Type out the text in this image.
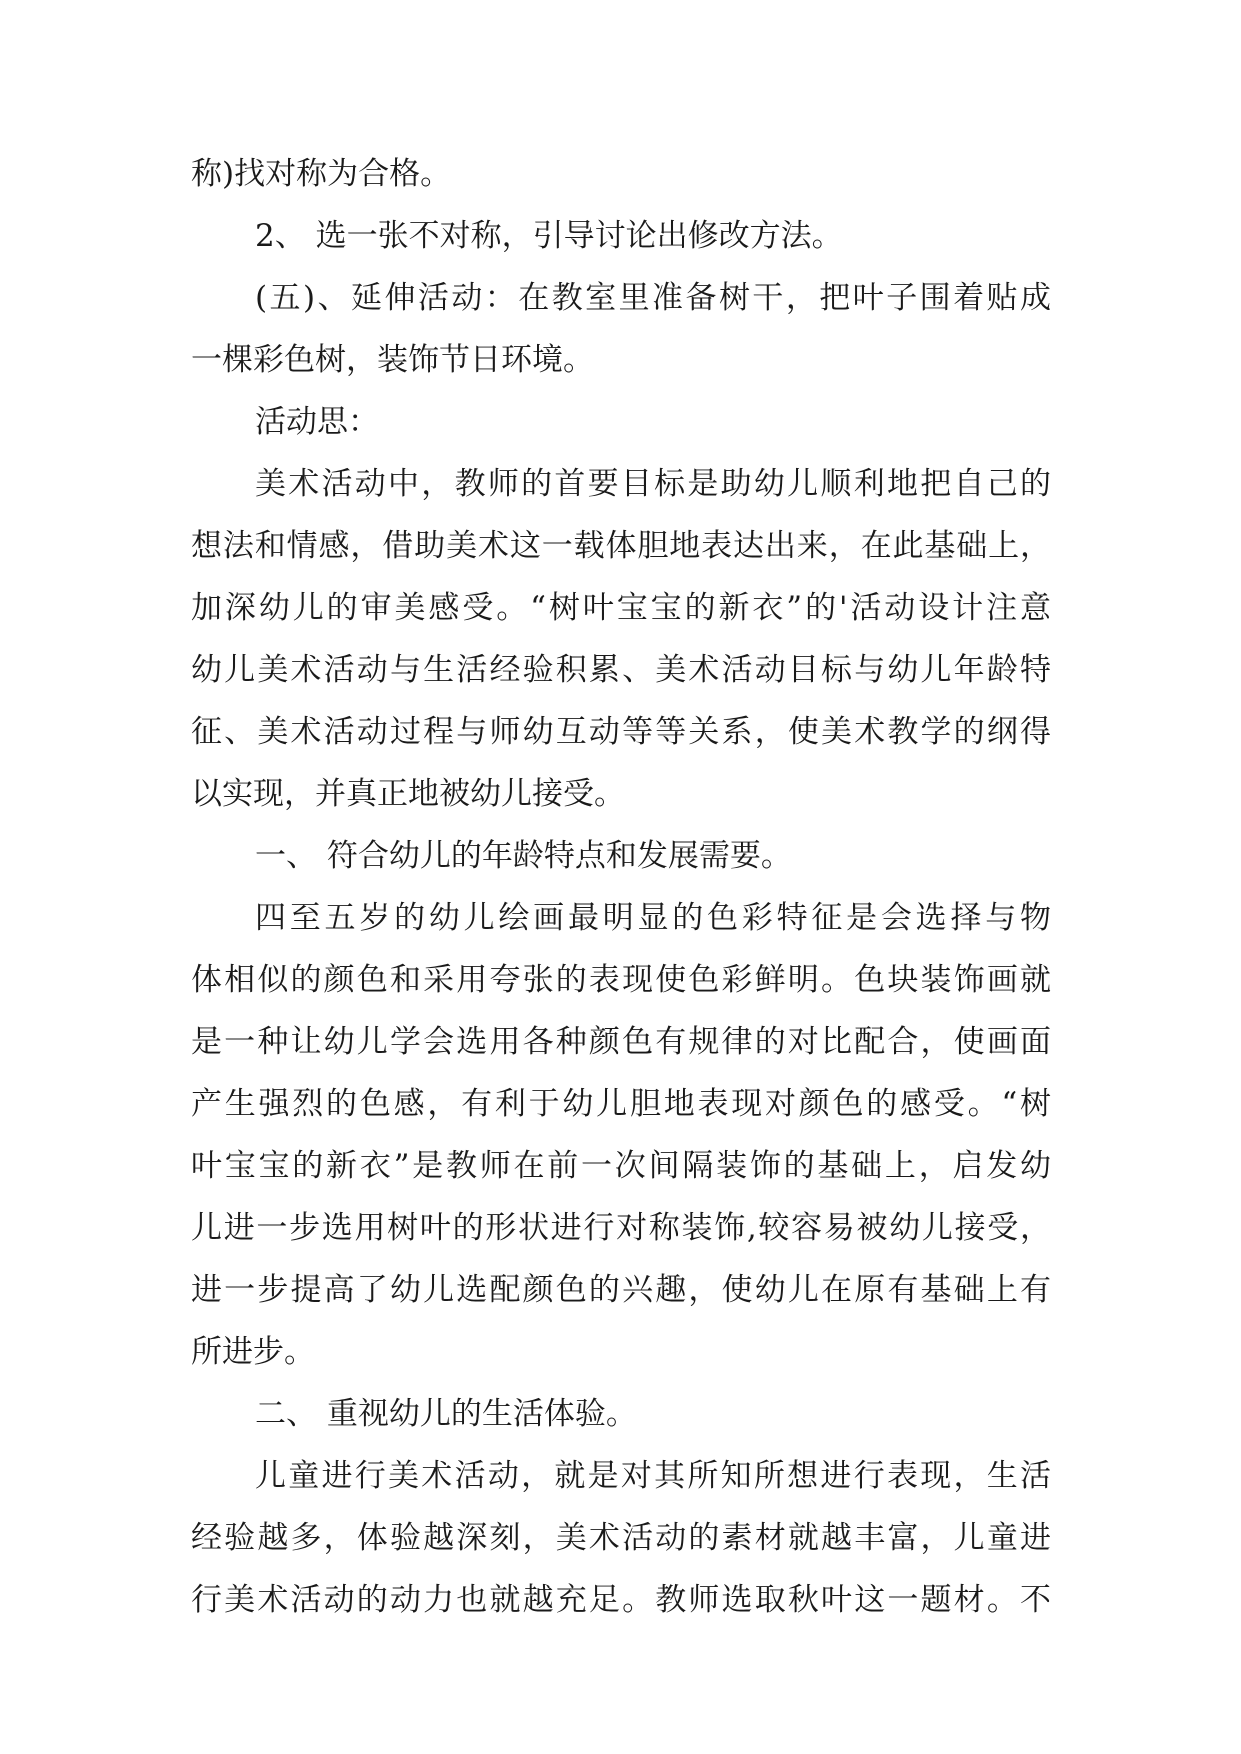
称)找对称为合格。
2、 选一张不对称，引导讨论出修改方法。
(五)、延伸活动：在教室里准备树干，把叶子围着贴成
一棵彩色树，装饰节日环境。
活动思：
美术活动中，教师的首要目标是助幼儿顺利地把自己的
想法和情感，借助美术这一载体胆地表达出来，在此基础上，
加深幼儿的审美感受。“树叶宝宝的新衣”的'活动设计注意
幼儿美术活动与生活经验积累、美术活动目标与幼儿年龄特
征、美术活动过程与师幼互动等等关系，使美术教学的纲得
以实现，并真正地被幼儿接受。
一、 符合幼儿的年龄特点和发展需要。
四至五岁的幼儿绘画最明显的色彩特征是会选择与物
体相似的颜色和采用夸张的表现使色彩鲜明。色块装饰画就
是一种让幼儿学会选用各种颜色有规律的对比配合，使画面
产生强烈的色感，有利于幼儿胆地表现对颜色的感受。“树
叶宝宝的新衣”是教师在前一次间隔装饰的基础上，启发幼
儿进一步选用树叶的形状进行对称装饰,较容易被幼儿接受，
进一步提高了幼儿选配颜色的兴趣，使幼儿在原有基础上有
所进步。
二、 重视幼儿的生活体验。
儿童进行美术活动，就是对其所知所想进行表现，生活
经验越多，体验越深刻，美术活动的素材就越丰富，儿童进
行美术活动的动力也就越充足。教师选取秋叶这一题材。不
